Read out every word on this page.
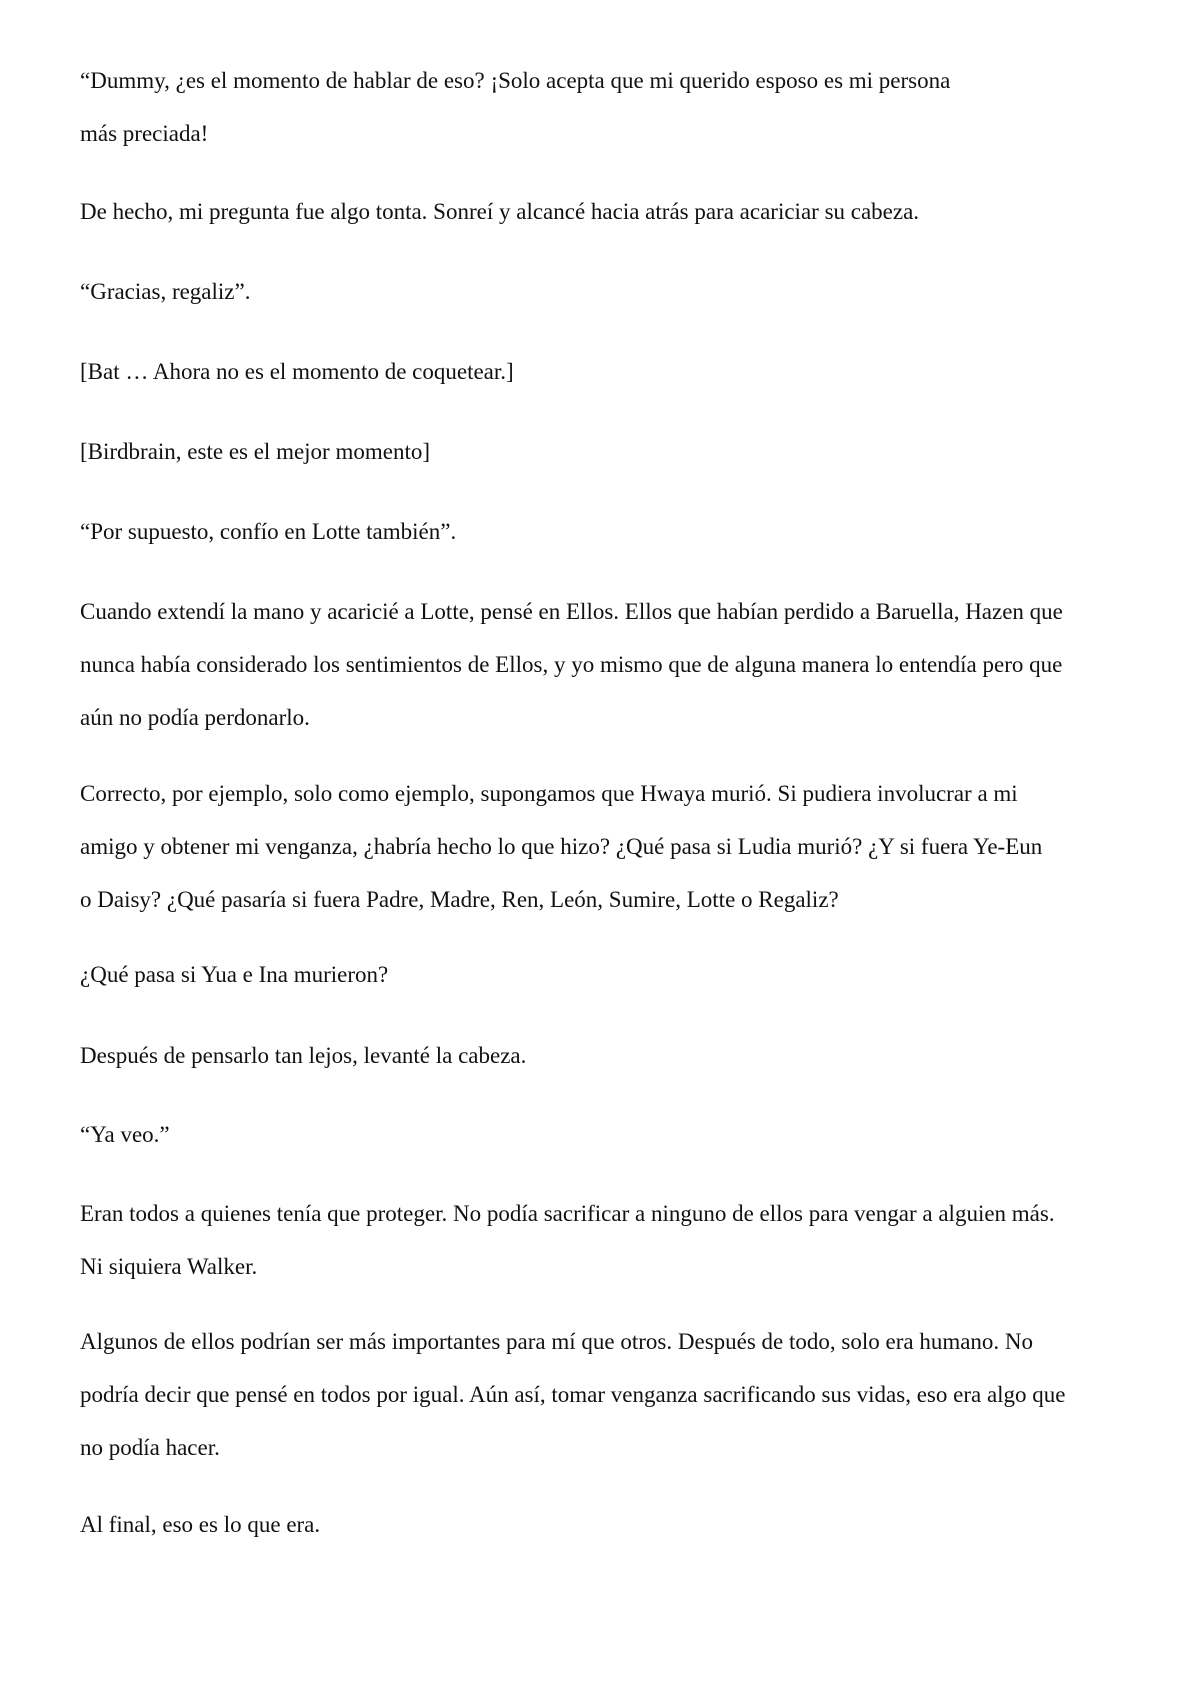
“Dummy, ¿es el momento de hablar de eso? ¡Solo acepta que mi querido esposo es mi persona
más preciada!
De hecho, mi pregunta fue algo tonta. Sonreí y alcancé hacia atrás para acariciar su cabeza.
“Gracias, regaliz”.
[Bat … Ahora no es el momento de coquetear.]
[Birdbrain, este es el mejor momento]
“Por supuesto, confío en Lotte también”.
Cuando extendí la mano y acaricié a Lotte, pensé en Ellos. Ellos que habían perdido a Baruella, Hazen que
nunca había considerado los sentimientos de Ellos, y yo mismo que de alguna manera lo entendía pero que
aún no podía perdonarlo.
Correcto, por ejemplo, solo como ejemplo, supongamos que Hwaya murió. Si pudiera involucrar a mi
amigo y obtener mi venganza, ¿habría hecho lo que hizo? ¿Qué pasa si Ludia murió? ¿Y si fuera Ye-Eun
o Daisy? ¿Qué pasaría si fuera Padre, Madre, Ren, León, Sumire, Lotte o Regaliz?
¿Qué pasa si Yua e Ina murieron?
Después de pensarlo tan lejos, levanté la cabeza.
“Ya veo.”
Eran todos a quienes tenía que proteger. No podía sacrificar a ninguno de ellos para vengar a alguien más.
Ni siquiera Walker.
Algunos de ellos podrían ser más importantes para mí que otros. Después de todo, solo era humano. No
podría decir que pensé en todos por igual. Aún así, tomar venganza sacrificando sus vidas, eso era algo que
no podía hacer.
Al final, eso es lo que era.
